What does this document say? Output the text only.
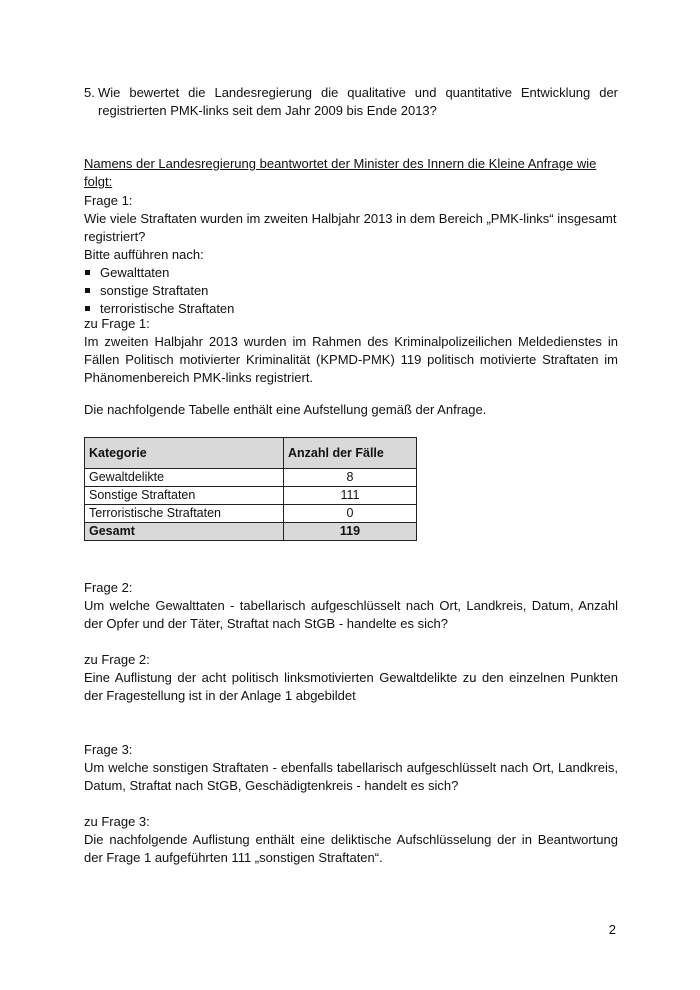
5. Wie bewertet die Landesregierung die qualitative und quantitative Entwicklung der registrierten PMK-links seit dem Jahr 2009 bis Ende 2013?
Namens der Landesregierung beantwortet der Minister des Innern die Kleine Anfrage wie folgt:
Frage 1:
Wie viele Straftaten wurden im zweiten Halbjahr 2013 in dem Bereich „PMK-links“ insgesamt registriert?
Bitte aufführen nach:
Gewalttaten
sonstige Straftaten
terroristische Straftaten
zu Frage 1:
Im zweiten Halbjahr 2013 wurden im Rahmen des Kriminalpolizeilichen Meldedienstes in Fällen Politisch motivierter Kriminalität (KPMD-PMK) 119 politisch motivierte Straftaten im Phänomenbereich PMK-links registriert.
Die nachfolgende Tabelle enthält eine Aufstellung gemäß der Anfrage.
Kategorie	Anzahl der Fälle
Gewaltdelikte	8
Sonstige Straftaten	111
Terroristische Straftaten	0
Gesamt	119
Frage 2:
Um welche Gewalttaten - tabellarisch aufgeschlüsselt nach Ort, Landkreis, Datum, Anzahl der Opfer und der Täter, Straftat nach StGB - handelte es sich?
zu Frage 2:
Eine Auflistung der acht politisch linksmotivierten Gewaltdelikte zu den einzelnen Punkten der Fragestellung ist in der Anlage 1 abgebildet
Frage 3:
Um welche sonstigen Straftaten - ebenfalls tabellarisch aufgeschlüsselt nach Ort, Landkreis, Datum, Straftat nach StGB, Geschädigtenkreis - handelt es sich?
zu Frage 3:
Die nachfolgende Auflistung enthält eine deliktische Aufschlüsselung der in Beantwortung der Frage 1 aufgeführten 111 „sonstigen Straftaten“.
2
